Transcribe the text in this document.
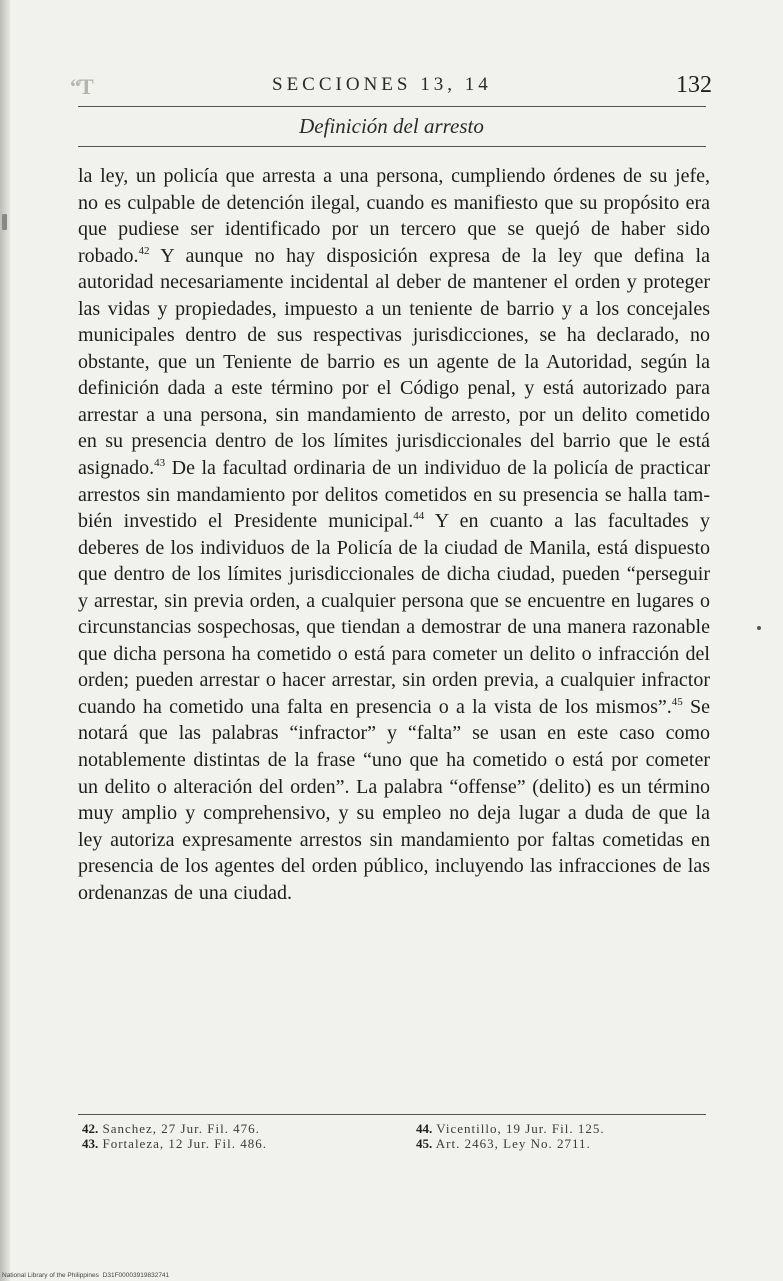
“T	SECCIONES 13, 14	132
Definición del arresto

la ley, un policía que arresta a una persona, cumpliendo órdenes de su jefe, no es culpable de detención ilegal, cuando es manifiesto que su propósito era que pudiese ser identificado por un tercero que se quejó de haber sido robado.$^{42}$ Y aunque no hay disposición expresa de la ley que defina la autoridad necesariamente incidental al deber de mantener el orden y proteger las vidas y propiedades, impuesto a un teniente de barrio y a los concejales municipales dentro de sus respectivas jurisdicciones, se ha declarado, no obstante, que un Teniente de barrio es un agente de la Autoridad, según la definición dada a este término por el Código penal, y está autorizado para arrestar a una persona, sin mandamiento de arresto, por un delito cometido en su presencia dentro de los límites jurisdiccionales del barrio que le está asignado.$^{43}$ De la facultad ordinaria de un individuo de la policía de practicar arrestos sin mandamiento por delitos cometidos en su presencia se halla también investido el Presidente municipal.$^{44}$ Y en cuanto a las facultades y deberes de los individuos de la Policía de la ciudad de Manila, está dispuesto que dentro de los límites jurisdiccionales de dicha ciudad, pueden “perseguir y arrestar, sin previa orden, a cualquier persona que se encuentre en lugares o circunstancias sospechosas, que tiendan a demostrar de una manera razonable que dicha persona ha cometido o está para cometer un delito o infracción del orden; pueden arrestar o hacer arrestar, sin orden previa, a cualquier infractor cuando ha cometido una falta en presencia o a la vista de los mismos”.$^{45}$ Se notará que las palabras “infractor” y “falta” se usan en este caso como notablemente distintas de la frase “uno que ha cometido o está por cometer un delito o alteración del orden”. La palabra “offense” (delito) es un término muy amplio y comprehensivo, y su empleo no deja lugar a duda de que la ley autoriza expresamente arrestos sin mandamiento por faltas cometidas en presencia de los agentes del orden público, incluyendo las infracciones de las ordenanzas de una ciudad.

42. Sanchez, 27 Jur. Fil. 476.
43. Fortaleza, 12 Jur. Fil. 486.
44. Vicentillo, 19 Jur. Fil. 125.
45. Art. 2463, Ley No. 2711.
National Library of the Philippines D31F00003919832741
